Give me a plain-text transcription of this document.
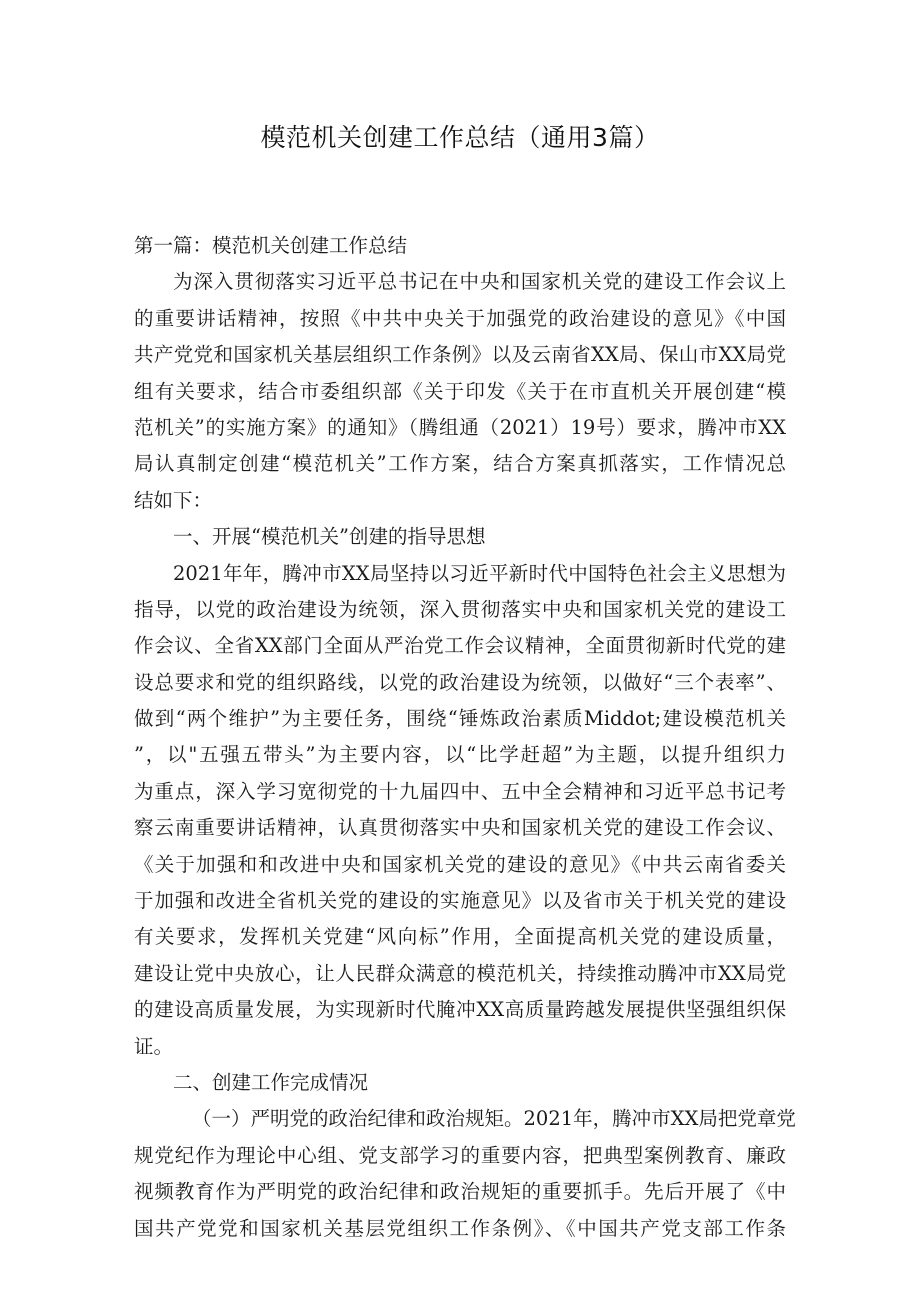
模范机关创建工作总结（通用3篇）
第一篇：模范机关创建工作总结
为深入贯彻落实习近平总书记在中央和国家机关党的建设工作会议上
的重要讲话精神，按照《中共中央关于加强党的政治建设的意见》《中国
共产党党和国家机关基层组织工作条例》以及云南省XX局、保山市XX局党
组有关要求，结合市委组织部《关于印发《关于在市直机关开展创建“模
范机关”的实施方案》的通知》（腾组通（2021）19号）要求，腾冲市XX
局认真制定创建“模范机关”工作方案，结合方案真抓落实，工作情况总
结如下：
一、开展“模范机关”创建的指导思想
2021年年，腾冲市XX局坚持以习近平新时代中国特色社会主义思想为
指导，以党的政治建设为统领，深入贯彻落实中央和国家机关党的建设工
作会议、全省XX部门全面从严治党工作会议精神，全面贯彻新时代党的建
设总要求和党的组织路线，以党的政治建设为统领，以做好“三个表率”、
做到“两个维护”为主要任务，围绕“锤炼政治素质Middot;建设模范机关
”，以"五强五带头”为主要内容，以“比学赶超”为主题，以提升组织力
为重点，深入学习宽彻党的十九届四中、五中全会精神和习近平总书记考
察云南重要讲话精神，认真贯彻落实中央和国家机关党的建设工作会议、
《关于加强和和改进中央和国家机关党的建设的意见》《中共云南省委关
于加强和改进全省机关党的建设的实施意见》以及省市关于机关党的建设
有关要求，发挥机关党建“风向标”作用，全面提高机关党的建设质量，
建设让党中央放心，让人民群众满意的模范机关，持续推动腾冲市XX局党
的建设高质量发展，为实现新时代腌冲XX高质量跨越发展提供坚强组织保
证。
二、创建工作完成情况
（一）严明党的政治纪律和政治规矩。2021年，腾冲市XX局把党章党
规党纪作为理论中心组、党支部学习的重要内容，把典型案例教育、廉政
视频教育作为严明党的政治纪律和政治规矩的重要抓手。先后开展了《中
国共产党党和国家机关基层党组织工作条例》、《中国共产党支部工作条
